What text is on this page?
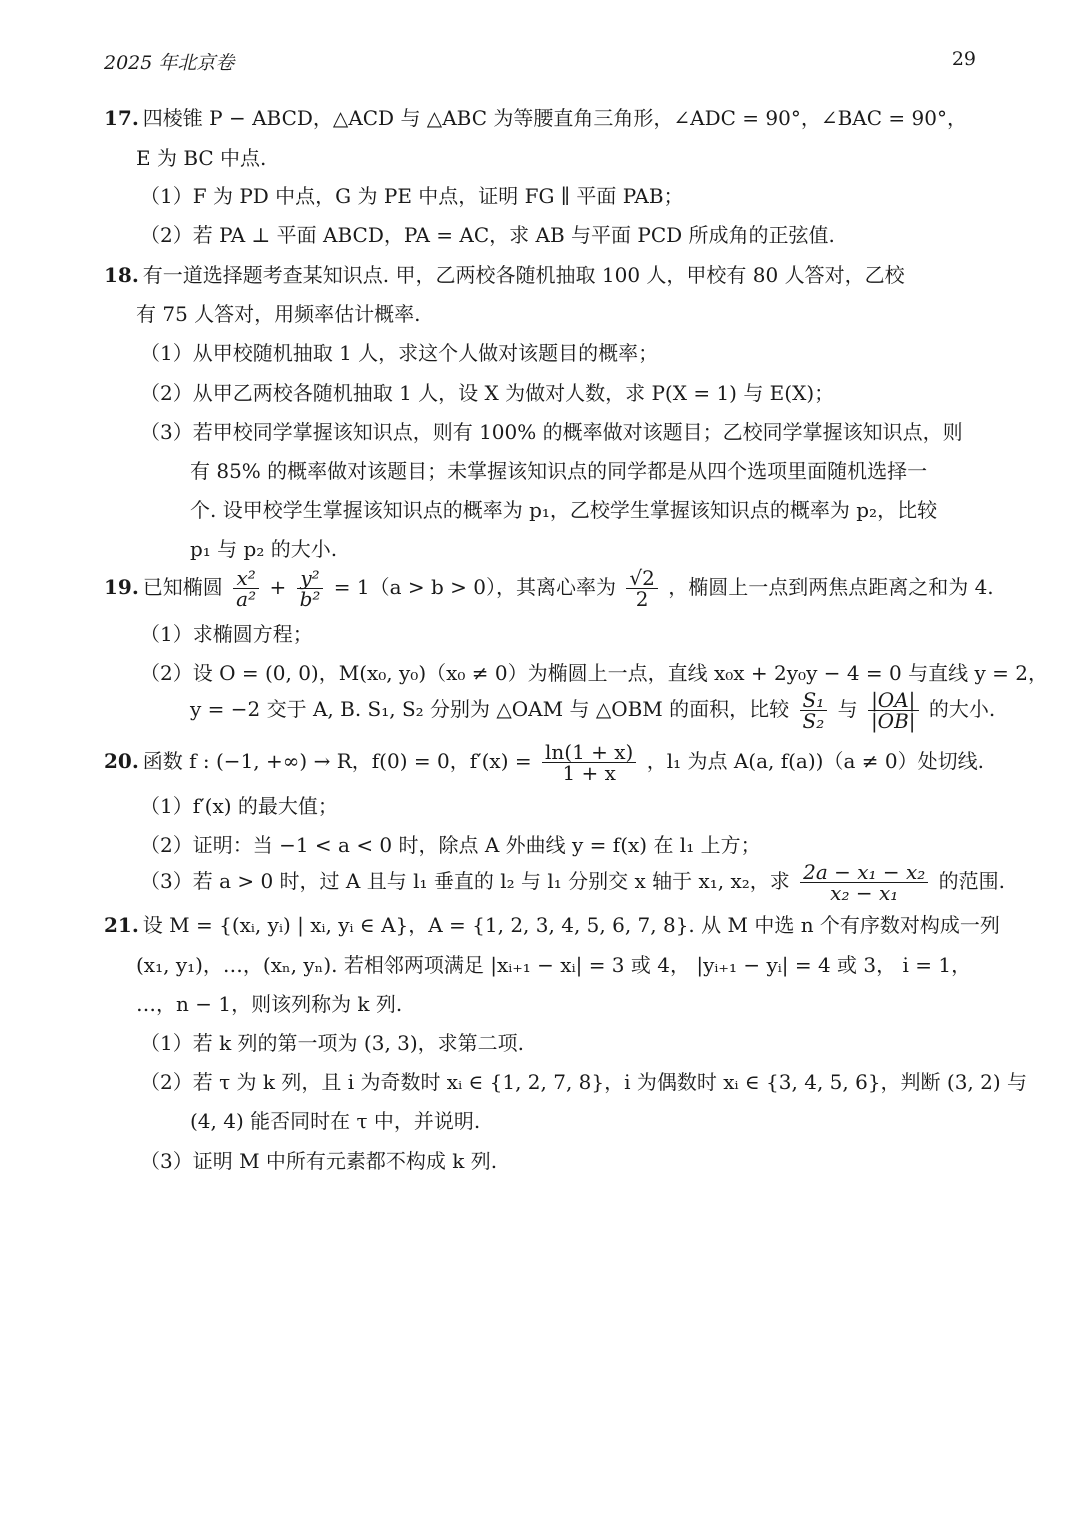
2025 年北京卷	29
17. 四棱锥 P − ABCD，△ACD 与 △ABC 为等腰直角三角形，∠ADC = 90°，∠BAC = 90°，
E 为 BC 中点.
（1）F 为 PD 中点，G 为 PE 中点，证明 FG ∥ 平面 PAB；
（2）若 PA ⊥ 平面 ABCD，PA = AC，求 AB 与平面 PCD 所成角的正弦值.
18. 有一道选择题考查某知识点. 甲，乙两校各随机抽取 100 人，甲校有 80 人答对，乙校
有 75 人答对，用频率估计概率.
（1）从甲校随机抽取 1 人，求这个人做对该题目的概率；
（2）从甲乙两校各随机抽取 1 人，设 X 为做对人数，求 P(X = 1) 与 E(X)；
（3）若甲校同学掌握该知识点，则有 100% 的概率做对该题目；乙校同学掌握该知识点，则
有 85% 的概率做对该题目；未掌握该知识点的同学都是从四个选项里面随机选择一
个. 设甲校学生掌握该知识点的概率为 p₁，乙校学生掌握该知识点的概率为 p₂，比较
p₁ 与 p₂ 的大小.
19. 已知椭圆 $\frac{\text{x²}}{\text{a²}} + \frac{\text{y²}}{\text{b²}} = 1(a > b > 0)$，其离心率为 $\frac{√2}{2}$ ，椭圆上一点到两焦点距离之和为 4.
（1）求椭圆方程；
（2）设 O = (0, 0)，M(x₀, y₀)（x₀ ≠ 0）为椭圆上一点，直线 x₀x + 2y₀y − 4 = 0 与直线 y = 2，
y = −2 交于 A, B. S₁, S₂ 分别为 △OAM 与 △OBM 的面积，比较 $\frac{\text{S₁}}{\text{S₂}}$ 与 $\frac{|OA|}{|OB|}$ 的大小.
20. 函数 f : (−1, +∞) → R，f(0) = 0，$f'(x) = \frac{\ln(1 + x)}{1 + x}$ ，l₁ 为点 A(a, f(a))（a ≠ 0）处切线.
（1）f′(x) 的最大值；
（2）证明：当 −1 < a < 0 时，除点 A 外曲线 y = f(x) 在 l₁ 上方；
（3）若 a > 0 时，过 A 且与 l₁ 垂直的 l₂ 与 l₁ 分别交 x 轴于 x₁, x₂，求 $\frac{\text{2a − x₁ − x₂}}{\text{x₂ − x₁}}$ 的范围.
21. 设 M = {(xᵢ, yᵢ) | xᵢ, yᵢ ∈ A}，A = {1, 2, 3, 4, 5, 6, 7, 8}. 从 M 中选 n 个有序数对构成一列
(x₁, y₁)，…，(xₙ, yₙ). 若相邻两项满足 |xᵢ₊₁ − xᵢ| = 3 或 4， |yᵢ₊₁ − yᵢ| = 4 或 3， i = 1，
…，n − 1，则该列称为 k 列.
（1）若 k 列的第一项为 (3, 3)，求第二项.
（2）若 τ 为 k 列，且 i 为奇数时 xᵢ ∈ {1, 2, 7, 8}，i 为偶数时 xᵢ ∈ {3, 4, 5, 6}，判断 (3, 2) 与
(4, 4) 能否同时在 τ 中，并说明.
（3）证明 M 中所有元素都不构成 k 列.
